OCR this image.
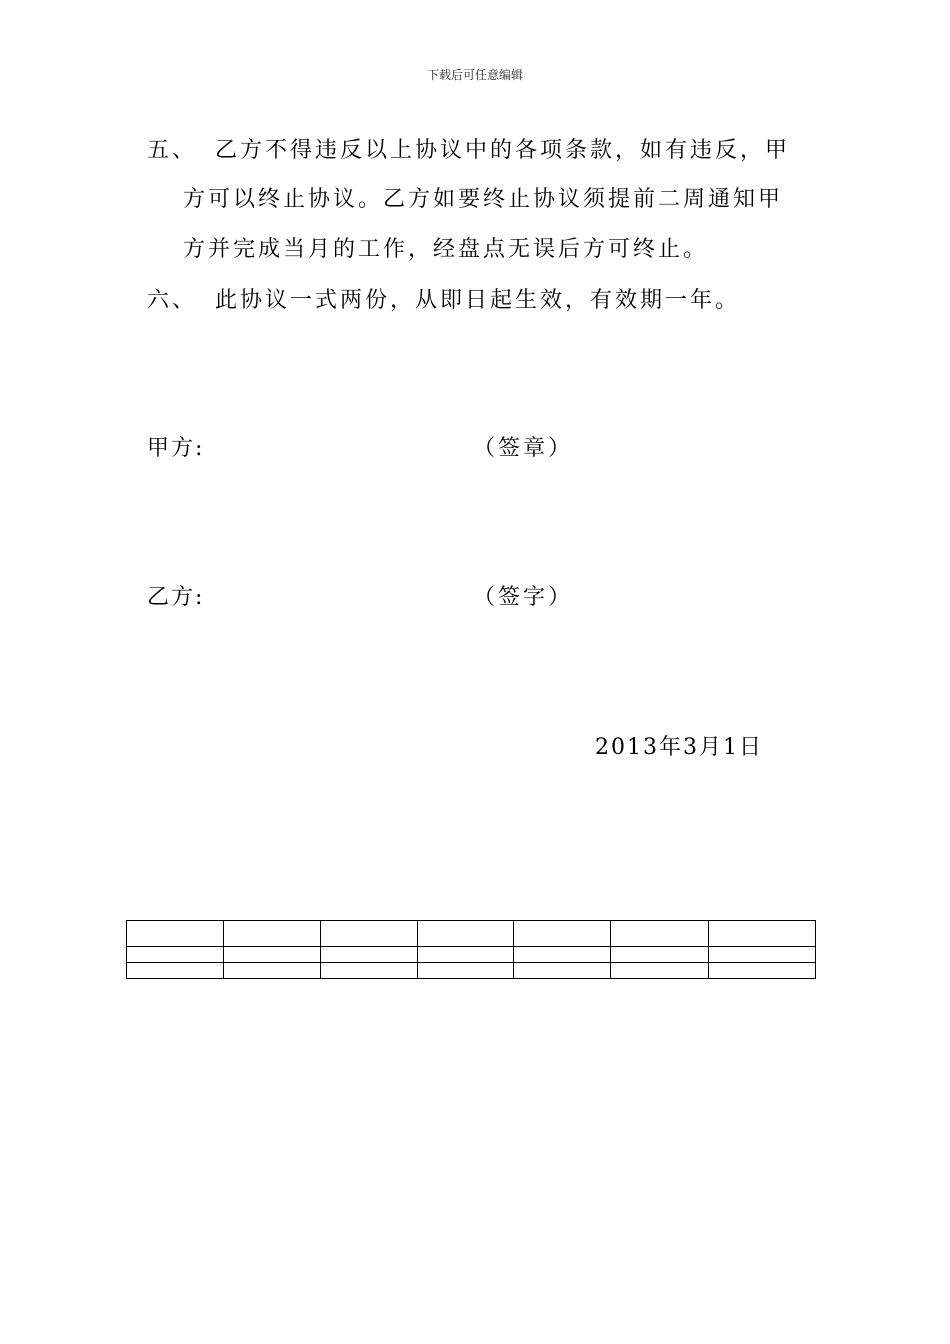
下载后可任意编辑
五、 乙方不得违反以上协议中的各项条款，如有违反，甲
方可以终止协议。乙方如要终止协议须提前二周通知甲
方并完成当月的工作，经盘点无误后方可终止。
六、 此协议一式两份，从即日起生效，有效期一年。
甲方:	（签章）
乙方:	（签字）
2013年3月1日
